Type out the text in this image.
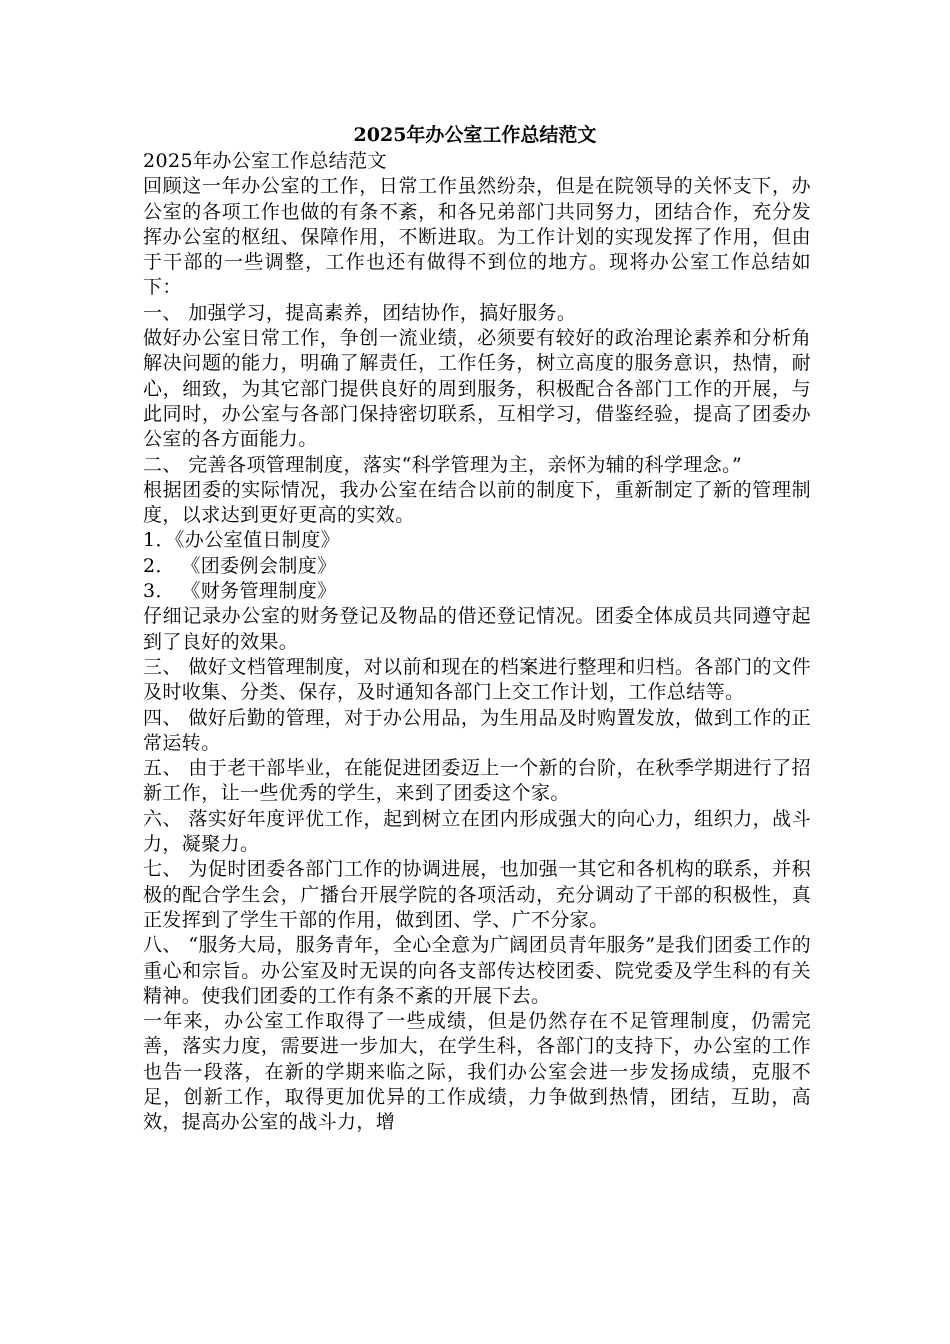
2025年办公室工作总结范文

2025年办公室工作总结范文

回顾这一年办公室的工作，日常工作虽然纷杂，但是在院领导的关怀支下，办公室的各项工作也做的有条不紊，和各兄弟部门共同努力，团结合作，充分发挥办公室的枢纽、保障作用，不断进取。为工作计划的实现发挥了作用，但由于干部的一些调整，工作也还有做得不到位的地方。现将办公室工作总结如下：

一、 加强学习，提高素养，团结协作，搞好服务。

做好办公室日常工作，争创一流业绩，必须要有较好的政治理论素养和分析角解决问题的能力，明确了解责任，工作任务，树立高度的服务意识，热情，耐心，细致，为其它部门提供良好的周到服务，积极配合各部门工作的开展，与此同时，办公室与各部门保持密切联系，互相学习，借鉴经验，提高了团委办公室的各方面能力。

二、 完善各项管理制度，落实“科学管理为主，亲怀为辅的科学理念。”

根据团委的实际情况，我办公室在结合以前的制度下，重新制定了新的管理制度，以求达到更好更高的实效。

1．《办公室值日制度》

2． 《团委例会制度》

3． 《财务管理制度》

仔细记录办公室的财务登记及物品的借还登记情况。团委全体成员共同遵守起到了良好的效果。

三、 做好文档管理制度，对以前和现在的档案进行整理和归档。各部门的文件及时收集、分类、保存，及时通知各部门上交工作计划，工作总结等。

四、 做好后勤的管理，对于办公用品，为生用品及时购置发放，做到工作的正常运转。

五、 由于老干部毕业，在能促进团委迈上一个新的台阶，在秋季学期进行了招新工作，让一些优秀的学生，来到了团委这个家。

六、 落实好年度评优工作，起到树立在团内形成强大的向心力，组织力，战斗力，凝聚力。

七、 为促时团委各部门工作的协调进展，也加强一其它和各机构的联系，并积极的配合学生会，广播台开展学院的各项活动，充分调动了干部的积极性，真正发挥到了学生干部的作用，做到团、学、广不分家。

八、 “服务大局，服务青年，全心全意为广阔团员青年服务”是我们团委工作的重心和宗旨。办公室及时无误的向各支部传达校团委、院党委及学生科的有关精神。使我们团委的工作有条不紊的开展下去。

一年来，办公室工作取得了一些成绩，但是仍然存在不足管理制度，仍需完善，落实力度，需要进一步加大，在学生科，各部门的支持下，办公室的工作也告一段落，在新的学期来临之际，我们办公室会进一步发扬成绩，克服不足，创新工作，取得更加优异的工作成绩，力争做到热情，团结，互助，高效，提高办公室的战斗力，增
